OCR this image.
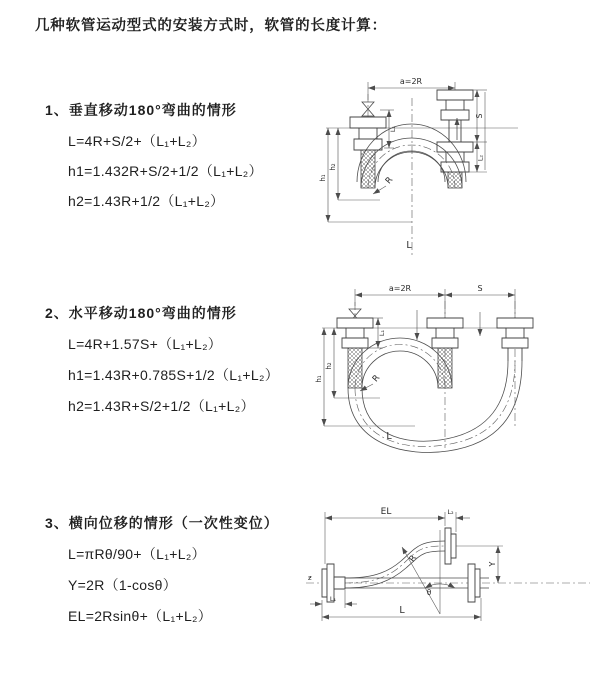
几种软管运动型式的安装方式时，软管的长度计算：
1、垂直移动180°弯曲的情形
L=4R+S/2+（L₁+L₂）
h1=1.432R+S/2+1/2（L₁+L₂）
h2=1.43R+1/2（L₁+L₂）
2、水平移动180°弯曲的情形
L=4R+1.57S+（L₁+L₂）
h1=1.43R+0.785S+1/2（L₁+L₂）
h2=1.43R+S/2+1/2（L₁+L₂）
3、横向位移的情形（一次性变位）
L=πRθ/90+（L₁+L₂）
Y=2R（1-cosθ）
EL=2Rsinθ+（L₁+L₂）
a=2R
h₂
h₁
L₁
S
L₂
R
L
a=2R	S
h₂
h₁
L₁
R
L
ƶ
EL	L₂
Y
θ
R
L₁
L
